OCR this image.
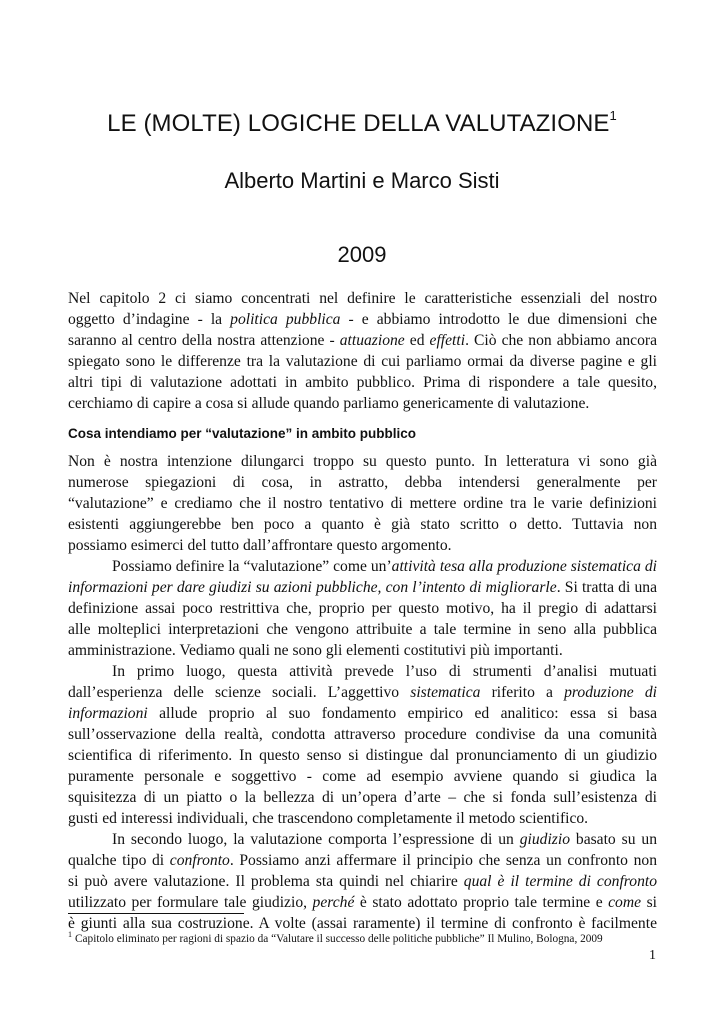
LE (MOLTE) LOGICHE DELLA VALUTAZIONE$^1$
Alberto Martini e Marco Sisti
2009
Nel capitolo 2 ci siamo concentrati nel definire le caratteristiche essenziali del nostro
oggetto d’indagine - la politica pubblica - e abbiamo introdotto le due dimensioni che
saranno al centro della nostra attenzione - attuazione ed effetti. Ciò che non abbiamo ancora
spiegato sono le differenze tra la valutazione di cui parliamo ormai da diverse pagine e gli
altri tipi di valutazione adottati in ambito pubblico. Prima di rispondere a tale quesito,
cerchiamo di capire a cosa si allude quando parliamo genericamente di valutazione.
Cosa intendiamo per “valutazione” in ambito pubblico
Non è nostra intenzione dilungarci troppo su questo punto. In letteratura vi sono già
numerose spiegazioni di cosa, in astratto, debba intendersi generalmente per
“valutazione” e crediamo che il nostro tentativo di mettere ordine tra le varie definizioni
esistenti aggiungerebbe ben poco a quanto è già stato scritto o detto. Tuttavia non
possiamo esimerci del tutto dall’affrontare questo argomento.
Possiamo definire la “valutazione” come un’attività tesa alla produzione sistematica di
informazioni per dare giudizi su azioni pubbliche, con l’intento di migliorarle. Si tratta di una
definizione assai poco restrittiva che, proprio per questo motivo, ha il pregio di adattarsi
alle molteplici interpretazioni che vengono attribuite a tale termine in seno alla pubblica
amministrazione. Vediamo quali ne sono gli elementi costitutivi più importanti.
In primo luogo, questa attività prevede l’uso di strumenti d’analisi mutuati
dall’esperienza delle scienze sociali. L’aggettivo sistematica riferito a produzione di
informazioni allude proprio al suo fondamento empirico ed analitico: essa si basa
sull’osservazione della realtà, condotta attraverso procedure condivise da una comunità
scientifica di riferimento. In questo senso si distingue dal pronunciamento di un giudizio
puramente personale e soggettivo - come ad esempio avviene quando si giudica la
squisitezza di un piatto o la bellezza di un’opera d’arte – che si fonda sull’esistenza di
gusti ed interessi individuali, che trascendono completamente il metodo scientifico.
In secondo luogo, la valutazione comporta l’espressione di un giudizio basato su un
qualche tipo di confronto. Possiamo anzi affermare il principio che senza un confronto non
si può avere valutazione. Il problema sta quindi nel chiarire qual è il termine di confronto
utilizzato per formulare tale giudizio, perché è stato adottato proprio tale termine e come si
è giunti alla sua costruzione. A volte (assai raramente) il termine di confronto è facilmente
$^1$ Capitolo eliminato per ragioni di spazio da “Valutare il successo delle politiche pubbliche” Il Mulino, Bologna, 2009
1
